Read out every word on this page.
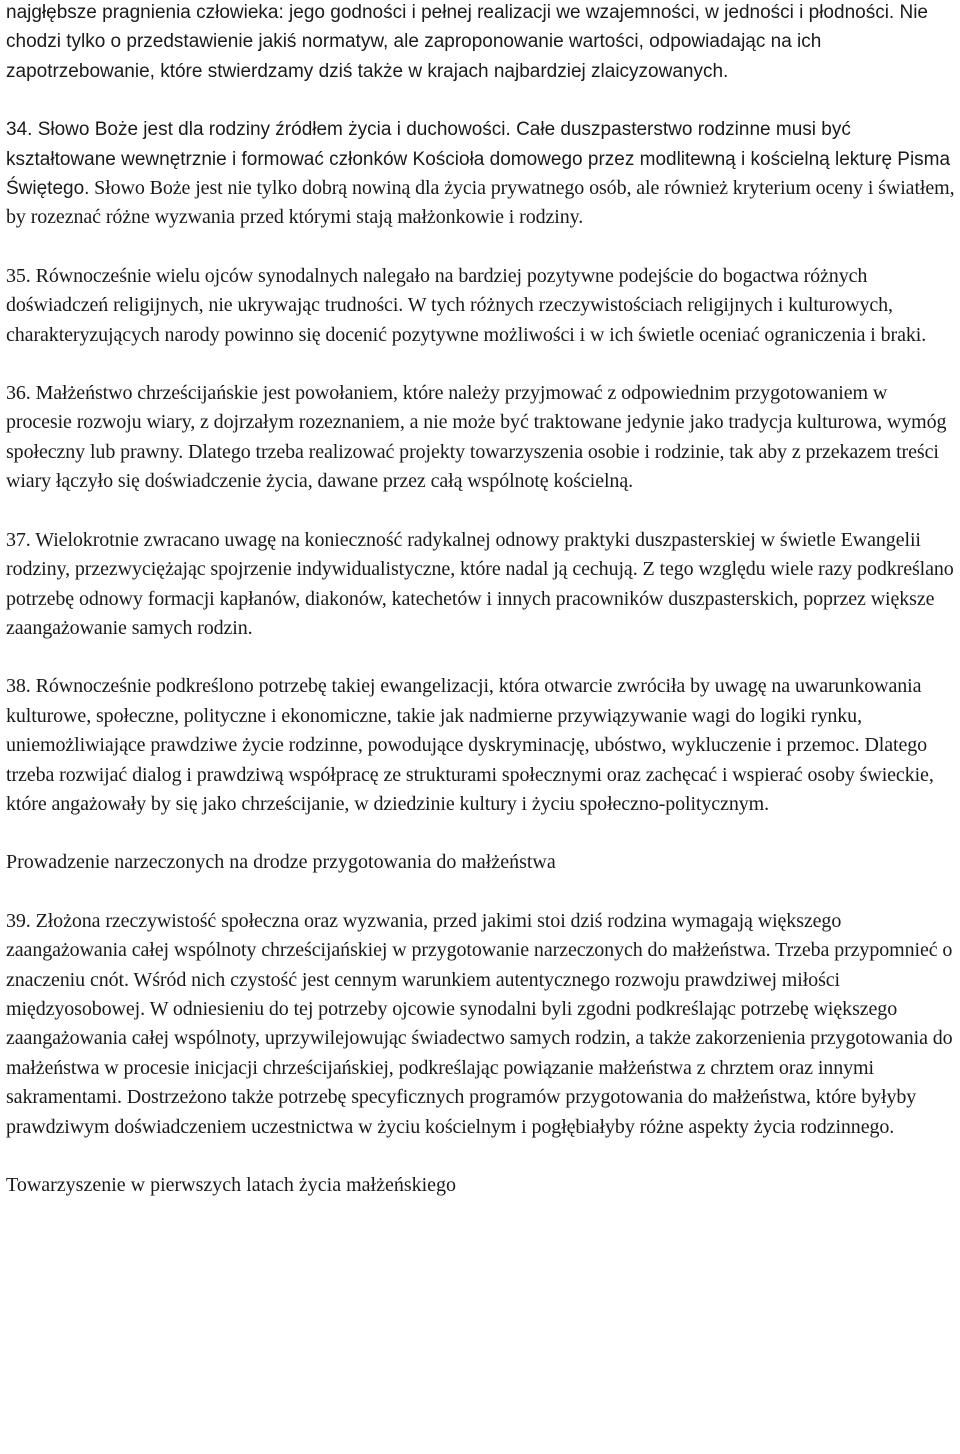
najgłębsze pragnienia człowieka: jego godności i pełnej realizacji we wzajemności, w jedności i płodności. Nie chodzi tylko o przedstawienie jakiś normatyw, ale zaproponowanie wartości, odpowiadając na ich zapotrzebowanie, które stwierdzamy dziś także w krajach najbardziej zlaicyzowanych.

34. Słowo Boże jest dla rodziny źródłem życia i duchowości. Całe duszpasterstwo rodzinne musi być kształtowane wewnętrznie i formować członków Kościoła domowego przez modlitewną i kościelną lekturę Pisma Świętego. Słowo Boże jest nie tylko dobrą nowiną dla życia prywatnego osób, ale również kryterium oceny i światłem, by rozeznać różne wyzwania przed którymi stają małżonkowie i rodziny.

35. Równocześnie wielu ojców synodalnych nalegało na bardziej pozytywne podejście do bogactwa różnych doświadczeń religijnych, nie ukrywając trudności. W tych różnych rzeczywistościach religijnych i kulturowych, charakteryzujących narody powinno się docenić pozytywne możliwości i w ich świetle oceniać ograniczenia i braki.

36. Małżeństwo chrześcijańskie jest powołaniem, które należy przyjmować z odpowiednim przygotowaniem w procesie rozwoju wiary, z dojrzałym rozeznaniem, a nie może być traktowane jedynie jako tradycja kulturowa, wymóg społeczny lub prawny. Dlatego trzeba realizować projekty towarzyszenia osobie i rodzinie, tak aby z przekazem treści wiary łączyło się doświadczenie życia, dawane przez całą wspólnotę kościelną.

37. Wielokrotnie zwracano uwagę na konieczność radykalnej odnowy praktyki duszpasterskiej w świetle Ewangelii rodziny, przezwyciężając spojrzenie indywidualistyczne, które nadal ją cechują. Z tego względu wiele razy podkreślano potrzebę odnowy formacji kapłanów, diakonów, katechetów i innych pracowników duszpasterskich, poprzez większe zaangażowanie samych rodzin.

38. Równocześnie podkreślono potrzebę takiej ewangelizacji, która otwarcie zwróciła by uwagę na uwarunkowania kulturowe, społeczne, polityczne i ekonomiczne, takie jak nadmierne przywiązywanie wagi do logiki rynku, uniemożliwiające prawdziwe życie rodzinne, powodujące dyskryminację, ubóstwo, wykluczenie i przemoc. Dlatego trzeba rozwijać dialog i prawdziwą współpracę ze strukturami społecznymi oraz zachęcać i wspierać osoby świeckie, które angażowały by się jako chrześcijanie, w dziedzinie kultury i życiu społeczno-politycznym.

Prowadzenie narzeczonych na drodze przygotowania do małżeństwa

39. Złożona rzeczywistość społeczna oraz wyzwania, przed jakimi stoi dziś rodzina wymagają większego zaangażowania całej wspólnoty chrześcijańskiej w przygotowanie narzeczonych do małżeństwa. Trzeba przypomnieć o znaczeniu cnót. Wśród nich czystość jest cennym warunkiem autentycznego rozwoju prawdziwej miłości międzyosobowej. W odniesieniu do tej potrzeby ojcowie synodalni byli zgodni podkreślając potrzebę większego zaangażowania całej wspólnoty, uprzywilejowując świadectwo samych rodzin, a także zakorzenienia przygotowania do małżeństwa w procesie inicjacji chrześcijańskiej, podkreślając powiązanie małżeństwa z chrztem oraz innymi sakramentami. Dostrzeżono także potrzebę specyficznych programów przygotowania do małżeństwa, które byłyby prawdziwym doświadczeniem uczestnictwa w życiu kościelnym i pogłębiałyby różne aspekty życia rodzinnego.

Towarzyszenie w pierwszych latach życia małżeńskiego
